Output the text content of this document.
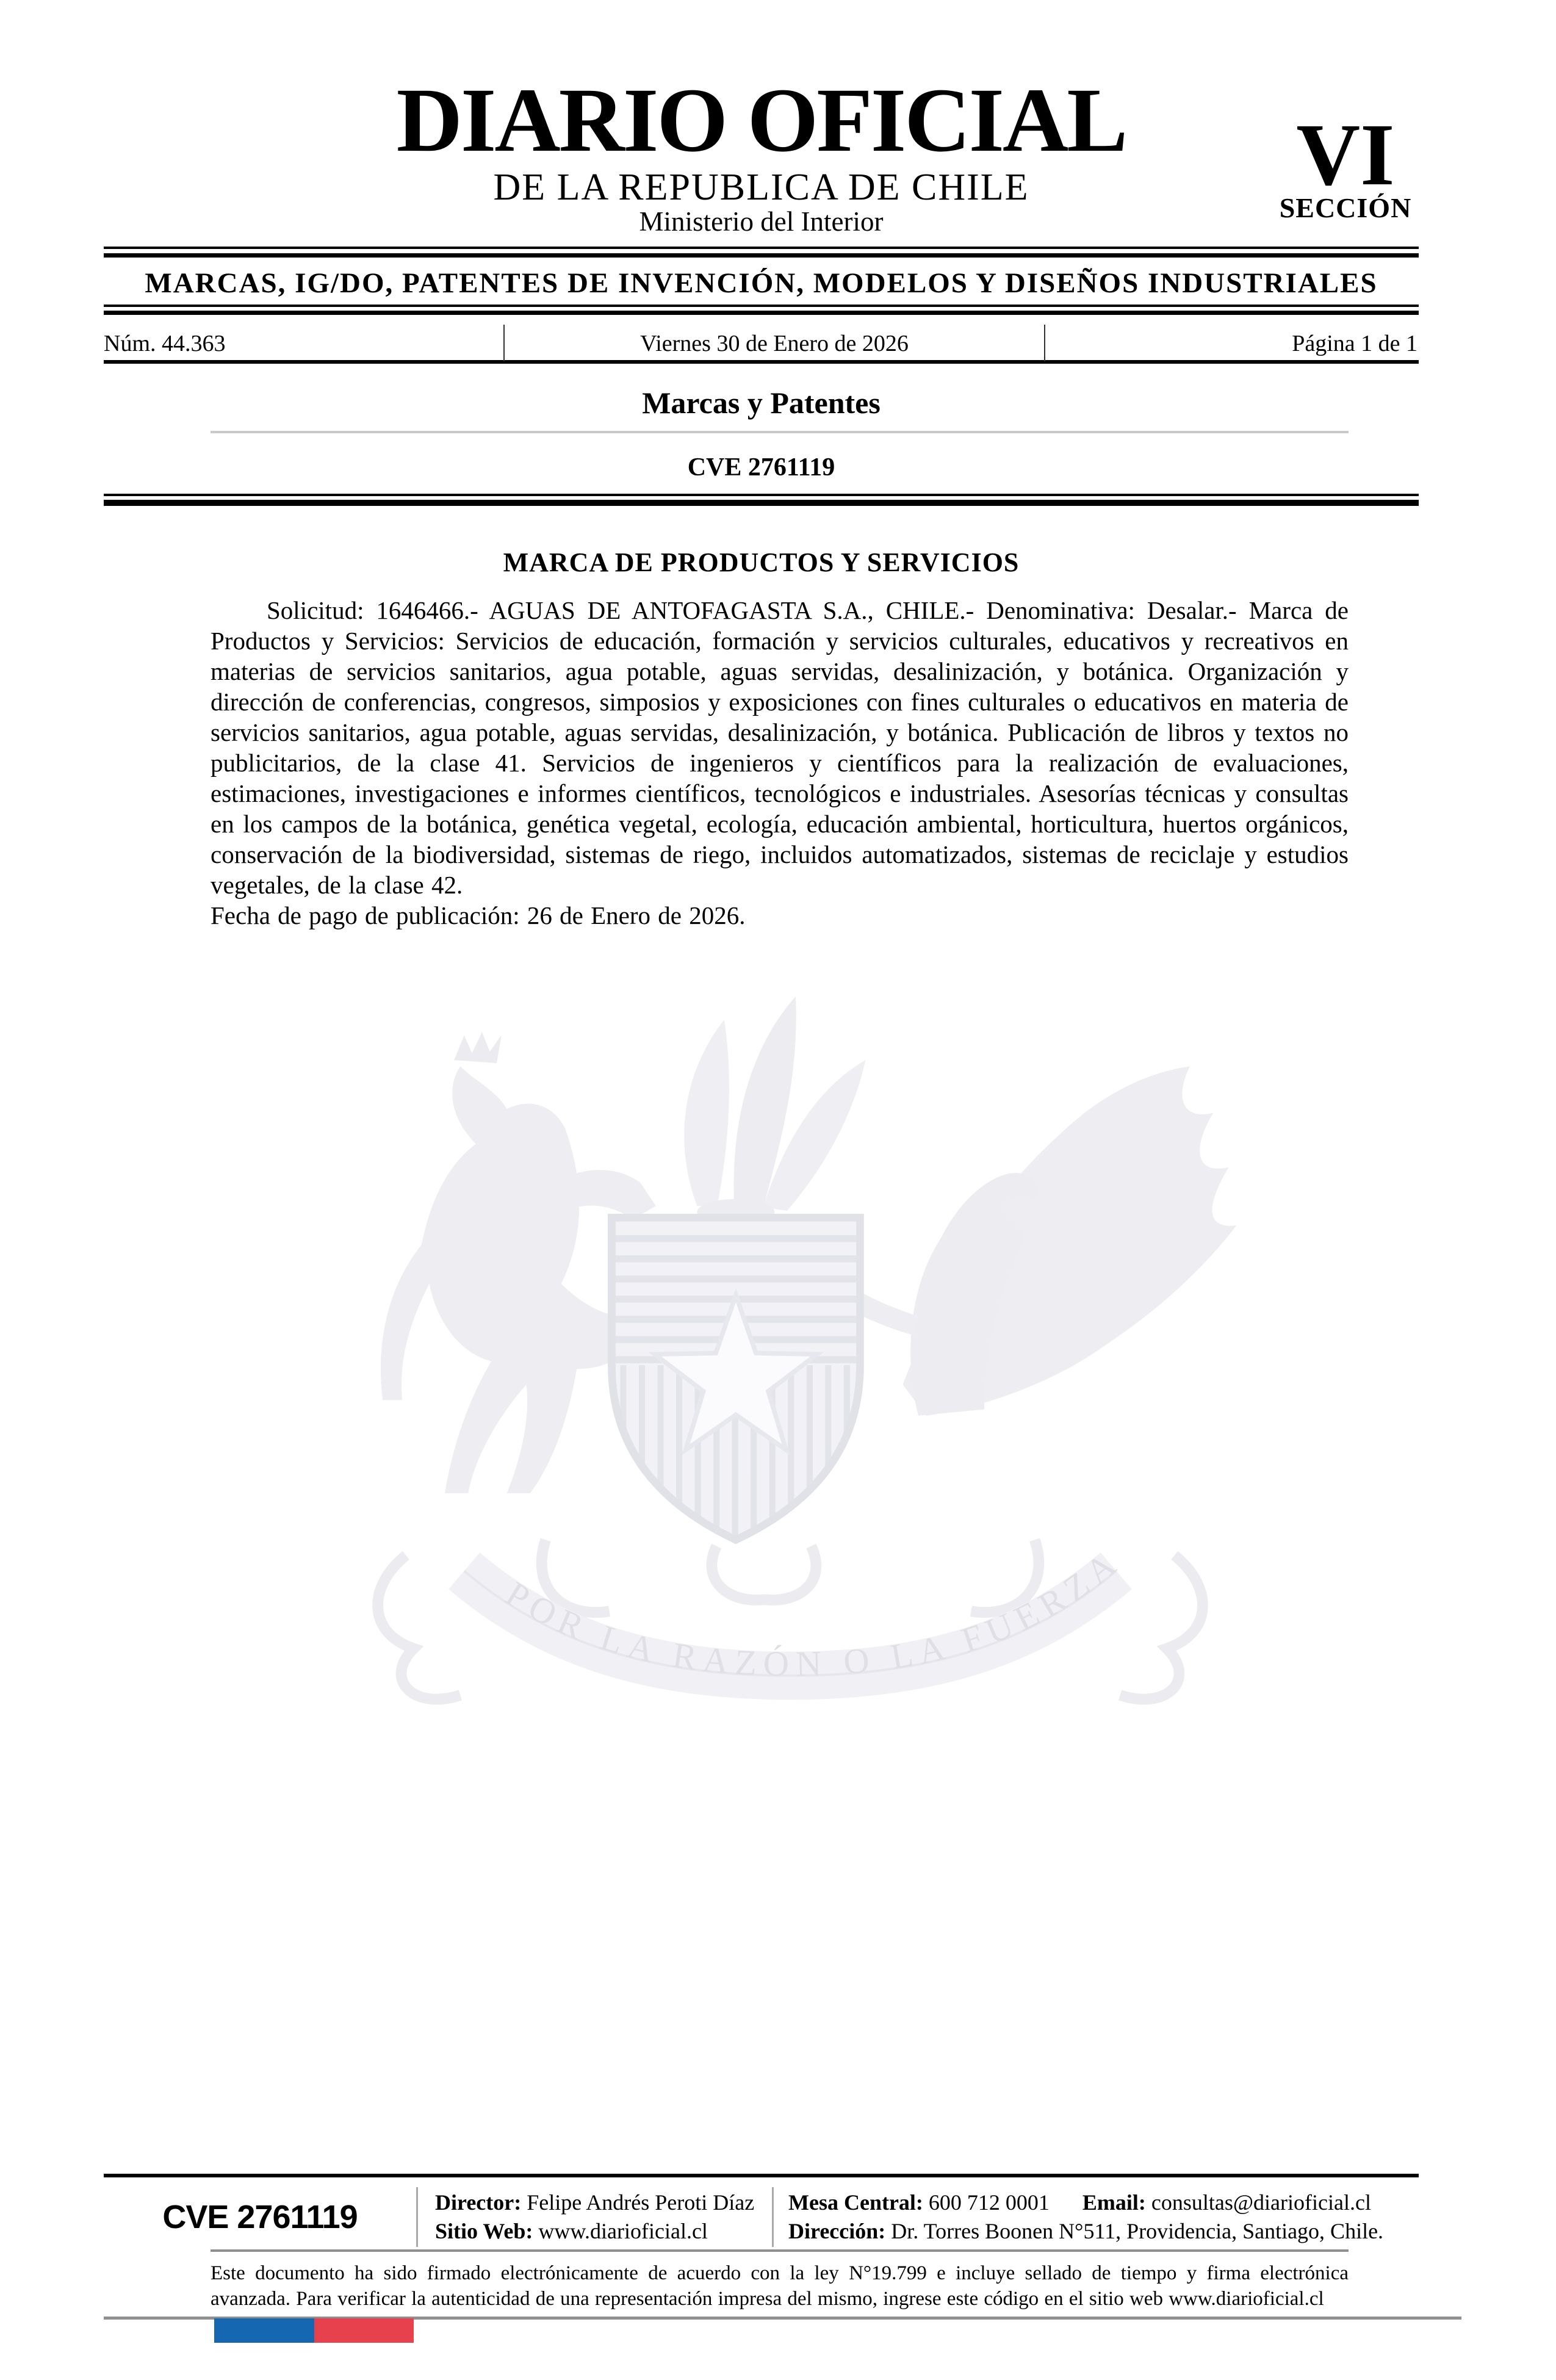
POR LA RAZÓN O LA FUERZA
DIARIO OFICIAL
DE LA REPUBLICA DE CHILE
Ministerio del Interior
VI
SECCIÓN
MARCAS, IG/DO, PATENTES DE INVENCIÓN, MODELOS Y DISEÑOS INDUSTRIALES
Núm. 44.363	Viernes 30 de Enero de 2026	Página 1 de 1
Marcas y Patentes
CVE 2761119
MARCA DE PRODUCTOS Y SERVICIOS

Solicitud: 1646466.- AGUAS DE ANTOFAGASTA S.A., CHILE.- Denominativa: Desalar.- Marca de Productos y Servicios: Servicios de educación, formación y servicios culturales, educativos y recreativos en materias de servicios sanitarios, agua potable, aguas servidas, desalinización, y botánica. Organización y dirección de conferencias, congresos, simposios y exposiciones con fines culturales o educativos en materia de servicios sanitarios, agua potable, aguas servidas, desalinización, y botánica. Publicación de libros y textos no publicitarios, de la clase 41. Servicios de ingenieros y científicos para la realización de evaluaciones, estimaciones, investigaciones e informes científicos, tecnológicos e industriales. Asesorías técnicas y consultas en los campos de la botánica, genética vegetal, ecología, educación ambiental, horticultura, huertos orgánicos, conservación de la biodiversidad, sistemas de riego, incluidos automatizados, sistemas de reciclaje y estudios vegetales, de la clase 42.

Fecha de pago de publicación: 26 de Enero de 2026.

CVE 2761119	Director: Felipe Andrés Peroti Díaz
Sitio Web: www.diarioficial.cl
Mesa Central: 600 712 0001 Email: consultas@diarioficial.cl
Dirección: Dr. Torres Boonen N°511, Providencia, Santiago, Chile.
Este documento ha sido firmado electrónicamente de acuerdo con la ley N°19.799 e incluye sellado de tiempo y firma electrónica avanzada. Para verificar la autenticidad de una representación impresa del mismo, ingrese este código en el sitio web www.diarioficial.cl
